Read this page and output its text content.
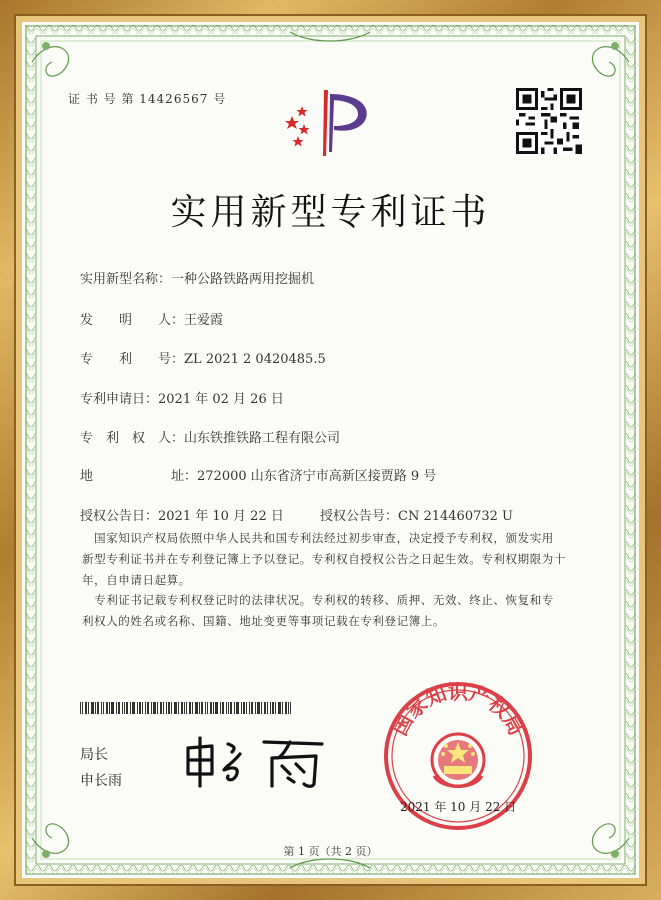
证 书 号 第 14426567 号
实用新型专利证书
实用新型名称：一种公路铁路两用挖掘机
发　　明　　人：王爱霞
专　　利　　号：ZL 2021 2 0420485.5
专利申请日：2021 年 02 月 26 日
专　利　权　人：山东铁推铁路工程有限公司
地　　　　　　址：272000 山东省济宁市高新区接贾路 9 号
授权公告日：2021 年 10 月 22 日	授权公告号：CN 214460732 U
　国家知识产权局依照中华人民共和国专利法经过初步审查，决定授予专利权，颁发实用
新型专利证书并在专利登记簿上予以登记。专利权自授权公告之日起生效。专利权期限为十
年，自申请日起算。
　专利证书记载专利权登记时的法律状况。专利权的转移、质押、无效、终止、恢复和专
利权人的姓名或名称、国籍、地址变更等事项记载在专利登记簿上。
局长
申长雨
国家知识产权局
2021 年 10 月 22 日
第 1 页（共 2 页）
